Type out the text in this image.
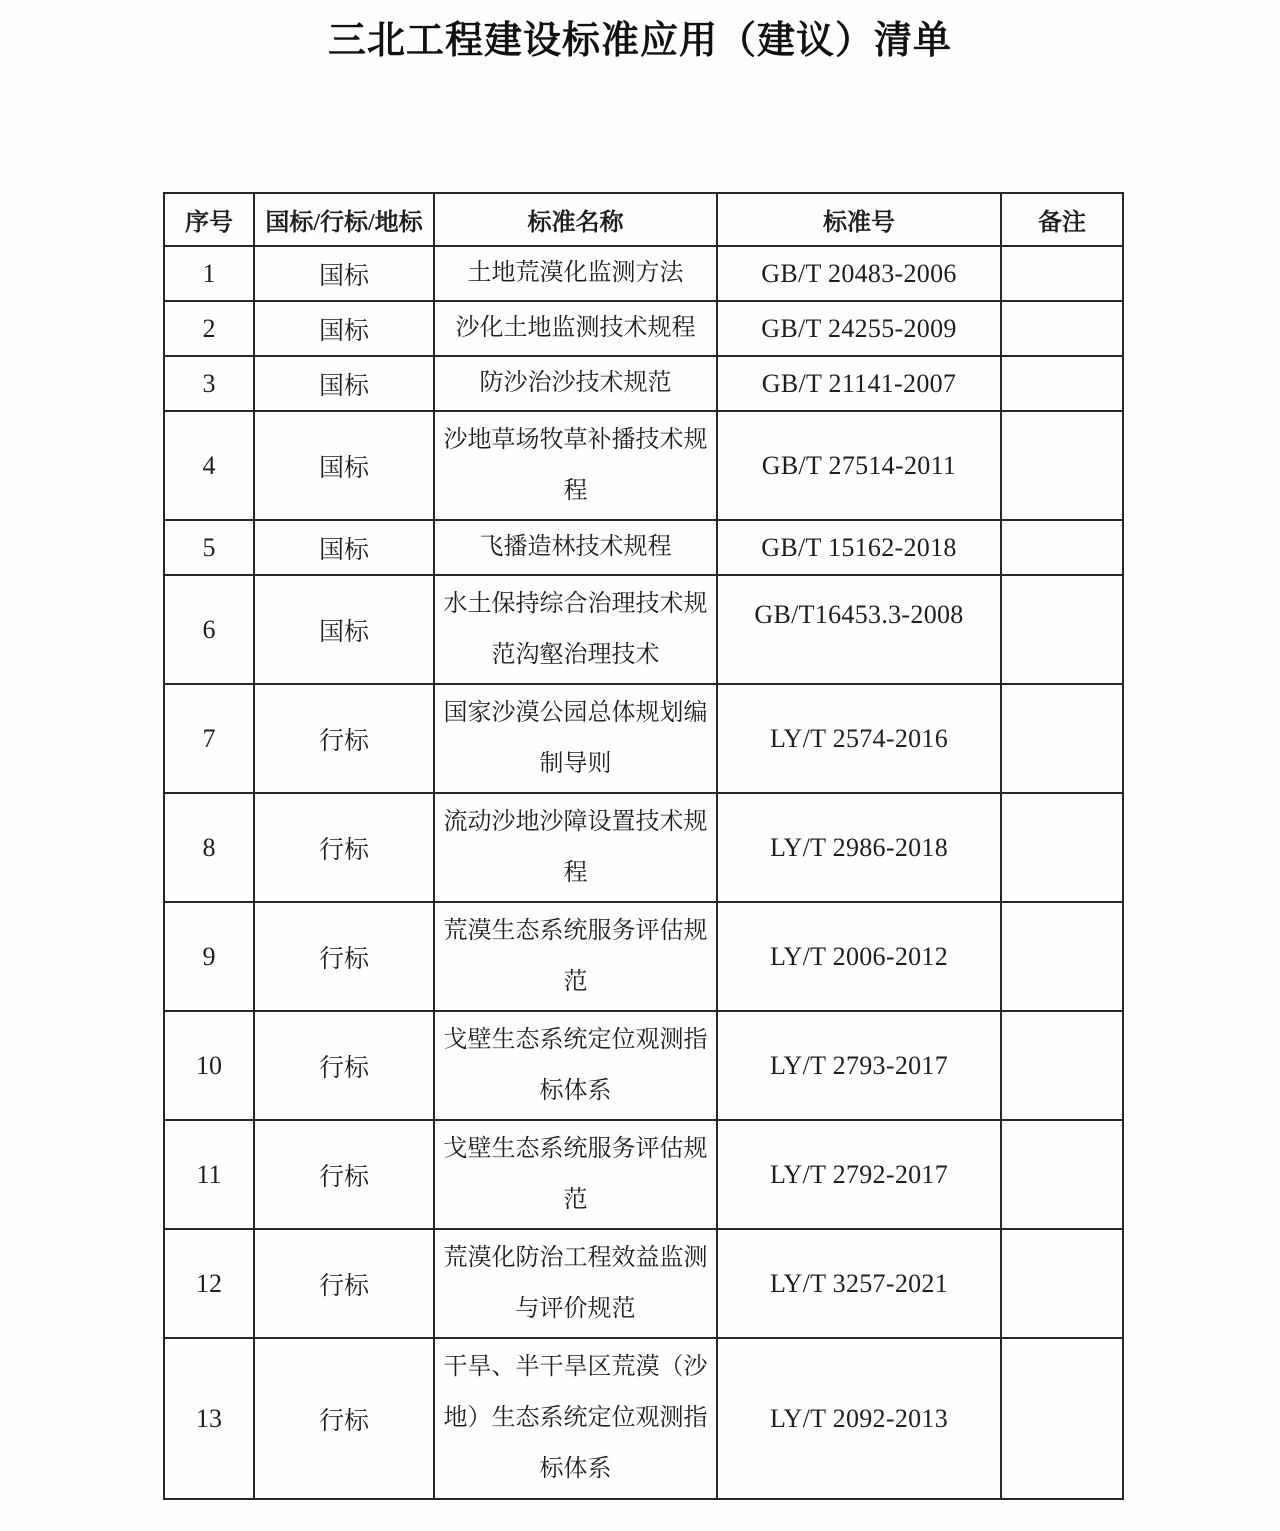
三北工程建设标准应用（建议）清单
序号	国标/行标/地标	标准名称	标准号	备注
1	国标	土地荒漠化监测方法	GB/T 20483-2006	
2	国标	沙化土地监测技术规程	GB/T 24255-2009	
3	国标	防沙治沙技术规范	GB/T 21141-2007	
4	国标	沙地草场牧草补播技术规程	GB/T 27514-2011	
5	国标	飞播造林技术规程	GB/T 15162-2018	
6	国标	水土保持综合治理技术规范沟壑治理技术	GB/T16453.3-2008	
7	行标	国家沙漠公园总体规划编制导则	LY/T 2574-2016	
8	行标	流动沙地沙障设置技术规程	LY/T 2986-2018	
9	行标	荒漠生态系统服务评估规范	LY/T 2006-2012	
10	行标	戈壁生态系统定位观测指标体系	LY/T 2793-2017	
11	行标	戈壁生态系统服务评估规范	LY/T 2792-2017	
12	行标	荒漠化防治工程效益监测与评价规范	LY/T 3257-2021	
13	行标	干旱、半干旱区荒漠（沙地）生态系统定位观测指标体系	LY/T 2092-2013	
